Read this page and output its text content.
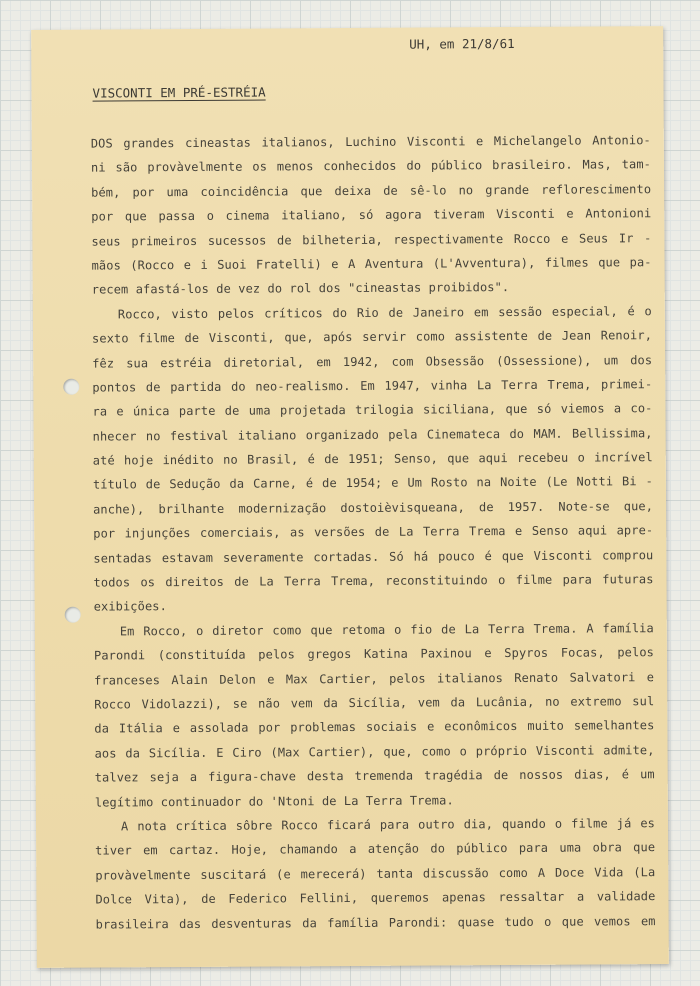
UH, em 21/8/61
VISCONTI EM PRÉ-ESTRÉIA
DOS grandes cineastas italianos, Luchino Visconti e Michelangelo Antonio-
ni são provàvelmente os menos conhecidos do público brasileiro. Mas, tam-
bém, por uma coincidência que deixa de sê-lo no grande reflorescimento
por que passa o cinema italiano, só agora tiveram Visconti e Antonioni
seus primeiros sucessos de bilheteria, respectivamente Rocco e Seus Ir -
mãos (Rocco e i Suoi Fratelli) e A Aventura (L'Avventura), filmes que pa-
recem afastá-los de vez do rol dos "cineastas proibidos".
Rocco, visto pelos críticos do Rio de Janeiro em sessão especial, é o
sexto filme de Visconti, que, após servir como assistente de Jean Renoir,
fêz sua estréia diretorial, em 1942, com Obsessão (Ossessione), um dos
pontos de partida do neo-realismo. Em 1947, vinha La Terra Trema, primei-
ra e única parte de uma projetada trilogia siciliana, que só viemos a co-
nhecer no festival italiano organizado pela Cinemateca do MAM. Bellissima,
até hoje inédito no Brasil, é de 1951; Senso, que aqui recebeu o incrível
título de Sedução da Carne, é de 1954; e Um Rosto na Noite (Le Notti Bi -
anche), brilhante modernização dostoièvisqueana, de 1957. Note-se que,
por injunções comerciais, as versões de La Terra Trema e Senso aqui apre-
sentadas estavam severamente cortadas. Só há pouco é que Visconti comprou
todos os direitos de La Terra Trema, reconstituindo o filme para futuras
exibições.
Em Rocco, o diretor como que retoma o fio de La Terra Trema. A família
Parondi (constituída pelos gregos Katina Paxinou e Spyros Focas, pelos
franceses Alain Delon e Max Cartier, pelos italianos Renato Salvatori e
Rocco Vidolazzi), se não vem da Sicília, vem da Lucânia, no extremo sul
da Itália e assolada por problemas sociais e econômicos muito semelhantes
aos da Sicília. E Ciro (Max Cartier), que, como o próprio Visconti admite,
talvez seja a figura-chave desta tremenda tragédia de nossos dias, é um
legítimo continuador do 'Ntoni de La Terra Trema.
A nota crítica sôbre Rocco ficará para outro dia, quando o filme já es
tiver em cartaz. Hoje, chamando a atenção do público para uma obra que
provàvelmente suscitará (e merecerá) tanta discussão como A Doce Vida (La
Dolce Vita), de Federico Fellini, queremos apenas ressaltar a validade
brasileira das desventuras da família Parondi: quase tudo o que vemos em
